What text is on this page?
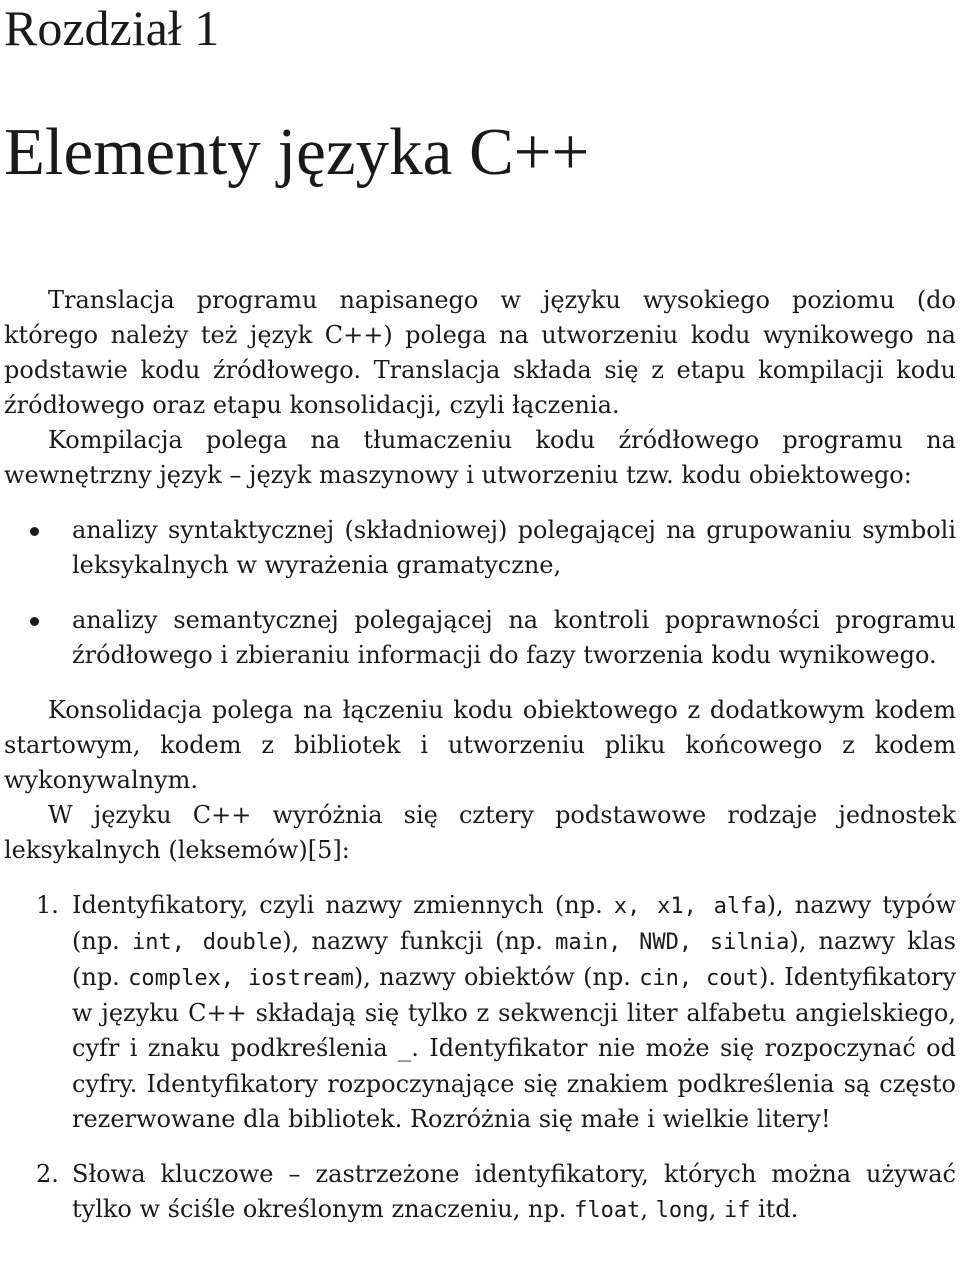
Rozdział 1
Elementy języka C++

Translacja programu napisanego w języku wysokiego poziomu (do którego należy też język C++) polega na utworzeniu kodu wynikowego na podstawie kodu źródłowego. Translacja składa się z etapu kompilacji kodu źródłowego oraz etapu konsolidacji, czyli łączenia.

Kompilacja polega na tłumaczeniu kodu źródłowego programu na wewnętrzny język – język maszynowy i utworzeniu tzw. kodu obiektowego:

analizy syntaktycznej (składniowej) polegającej na grupowaniu symboli leksykalnych w wyrażenia gramatyczne,
analizy semantycznej polegającej na kontroli poprawności programu źródłowego i zbieraniu informacji do fazy tworzenia kodu wynikowego.

Konsolidacja polega na łączeniu kodu obiektowego z dodatkowym kodem startowym, kodem z bibliotek i utworzeniu pliku końcowego z kodem wykonywalnym.

W języku C++ wyróżnia się cztery podstawowe rodzaje jednostek leksykalnych (leksemów)[5]:

1. Identyfikatory, czyli nazwy zmiennych (np. x, x1, alfa), nazwy typów (np. int, double), nazwy funkcji (np. main, NWD, silnia), nazwy klas (np. complex, iostream), nazwy obiektów (np. cin, cout). Identyfikatory w języku C++ składają się tylko z sekwencji liter alfabetu angielskiego, cyfr i znaku podkreślenia _. Identyfikator nie może się rozpoczynać od cyfry. Identyfikatory rozpoczynające się znakiem podkreślenia są często rezerwowane dla bibliotek. Rozróżnia się małe i wielkie litery!
2. Słowa kluczowe – zastrzeżone identyfikatory, których można używać tylko w ściśle określonym znaczeniu, np. float, long, if itd.
